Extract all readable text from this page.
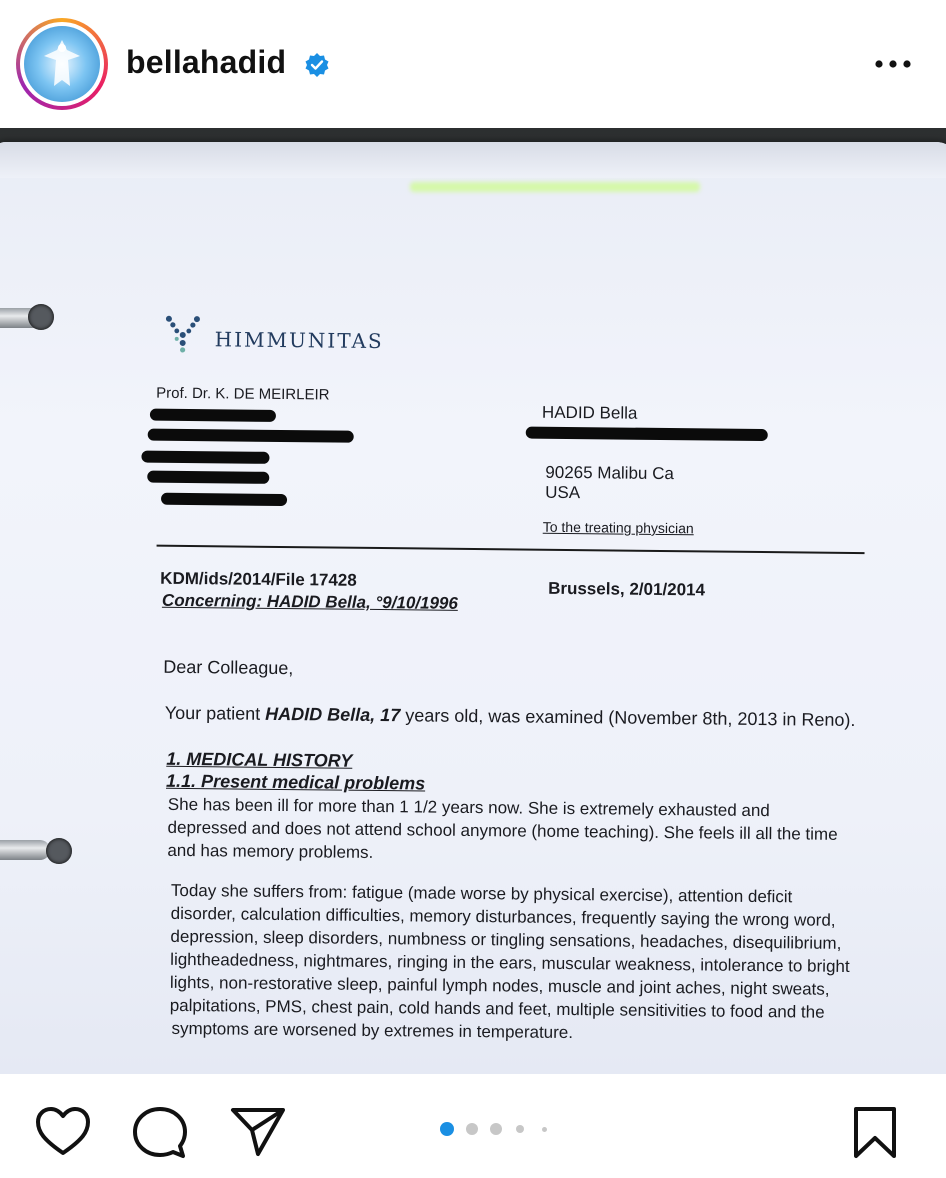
bellahadid
HIMMUNITAS
Prof. Dr. K. DE MEIRLEIR
HADID Bella
90265 Malibu Ca
USA
To the treating physician
KDM/ids/2014/File 17428
Concerning: HADID Bella, °9/10/1996
Brussels, 2/01/2014
Dear Colleague,
Your patient HADID Bella, 17 years old, was examined (November 8th, 2013 in Reno).
1. MEDICAL HISTORY
1.1. Present medical problems
She has been ill for more than 1 1/2 years now. She is extremely exhausted and
depressed and does not attend school anymore (home teaching). She feels ill all the time
and has memory problems.
Today she suffers from: fatigue (made worse by physical exercise), attention deficit
disorder, calculation difficulties, memory disturbances, frequently saying the wrong word,
depression, sleep disorders, numbness or tingling sensations, headaches, disequilibrium,
lightheadedness, nightmares, ringing in the ears, muscular weakness, intolerance to bright
lights, non-restorative sleep, painful lymph nodes, muscle and joint aches, night sweats,
palpitations, PMS, chest pain, cold hands and feet, multiple sensitivities to food and the
symptoms are worsened by extremes in temperature.
